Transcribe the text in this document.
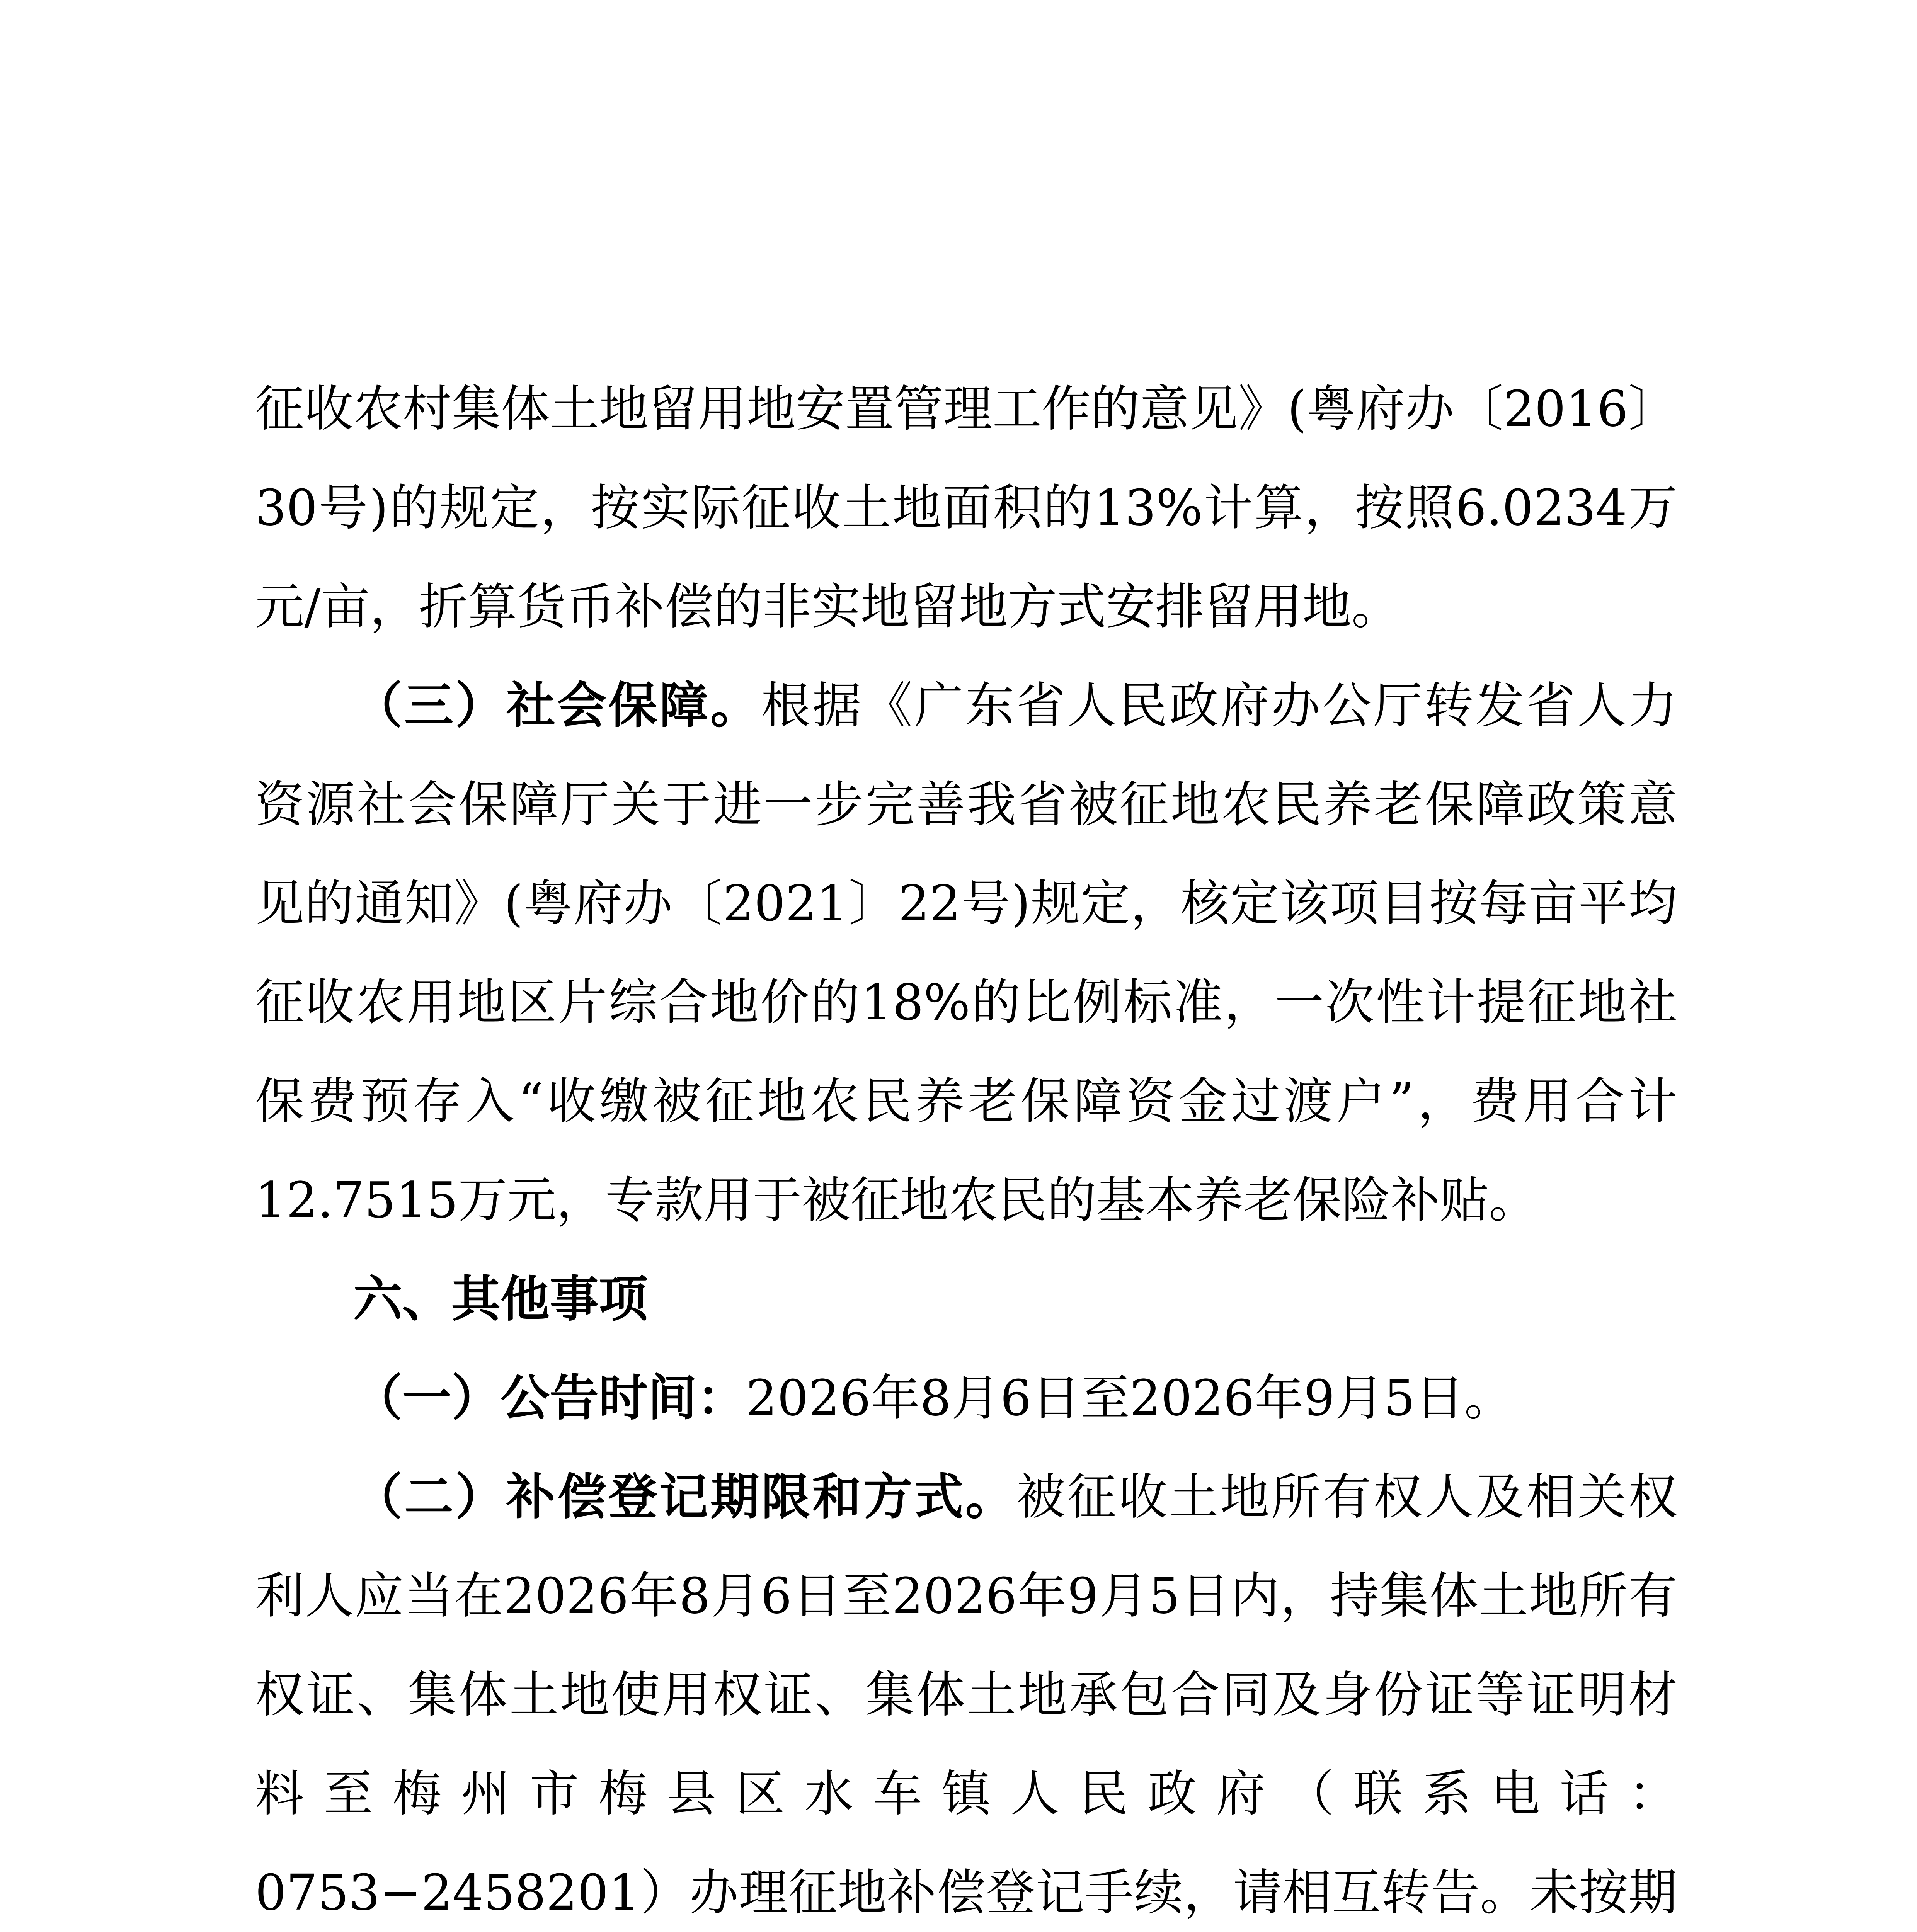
征收农村集体土地留用地安置管理工作的意见》(粤府办〔2016〕30号)的规定，按实际征收土地面积的13%计算，按照6.0234万元/亩，折算货币补偿的非实地留地方式安排留用地。

（三）社会保障。根据《广东省人民政府办公厅转发省人力资源社会保障厅关于进一步完善我省被征地农民养老保障政策意见的通知》(粤府办〔2021〕22号)规定，核定该项目按每亩平均征收农用地区片综合地价的18%的比例标准，一次性计提征地社保费预存入“收缴被征地农民养老保障资金过渡户”，费用合计12.7515万元，专款用于被征地农民的基本养老保险补贴。

六、其他事项

（一）公告时间：2026年8月6日至2026年9月5日。

（二）补偿登记期限和方式。被征收土地所有权人及相关权利人应当在2026年8月6日至2026年9月5日内，持集体土地所有权证、集体土地使用权证、集体土地承包合同及身份证等证明材料至梅州市梅县区水车镇人民政府（联系电话：0753−2458201）办理征地补偿登记手续，请相互转告。未按期
